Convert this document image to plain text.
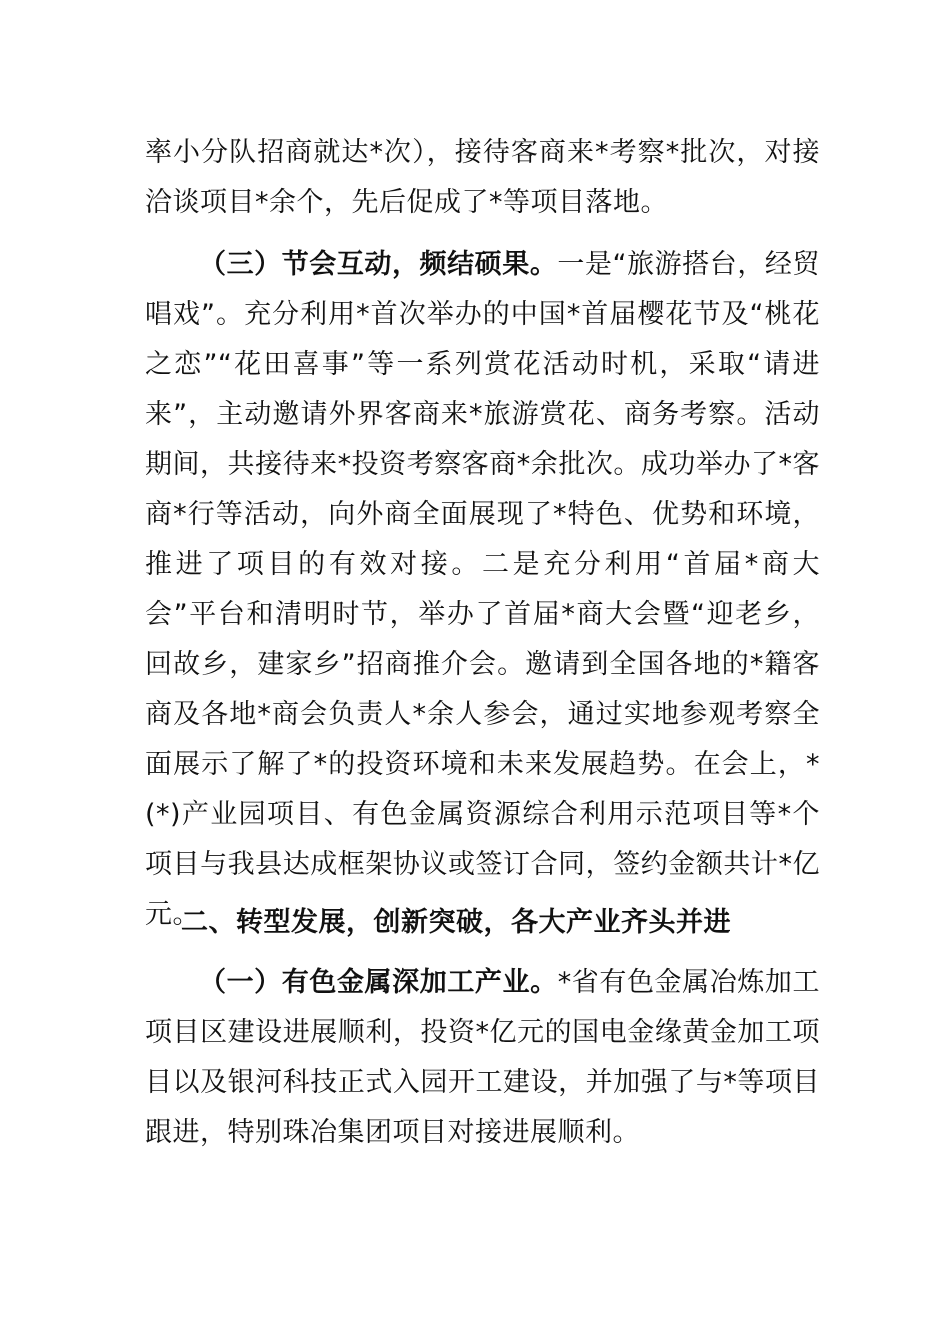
率小分队招商就达*次），接待客商来*考察*批次，对接洽谈项目*余个，先后促成了*等项目落地。
（三）节会互动，频结硕果。一是“旅游搭台，经贸唱戏”。充分利用*首次举办的中国*首届樱花节及“桃花之恋”“花田喜事”等一系列赏花活动时机，采取“请进来”，主动邀请外界客商来*旅游赏花、商务考察。活动期间，共接待来*投资考察客商*余批次。成功举办了*客商*行等活动，向外商全面展现了*特色、优势和环境，推进了项目的有效对接。二是充分利用“首届*商大会”平台和清明时节，举办了首届*商大会暨“迎老乡，回故乡，建家乡”招商推介会。邀请到全国各地的*籍客商及各地*商会负责人*余人参会，通过实地参观考察全面展示了解了*的投资环境和未来发展趋势。在会上，*(*)产业园项目、有色金属资源综合利用示范项目等*个项目与我县达成框架协议或签订合同，签约金额共计*亿元。
二、转型发展，创新突破，各大产业齐头并进
（一）有色金属深加工产业。*省有色金属冶炼加工项目区建设进展顺利，投资*亿元的国电金缘黄金加工项目以及银河科技正式入园开工建设，并加强了与*等项目跟进，特别珠冶集团项目对接进展顺利。
